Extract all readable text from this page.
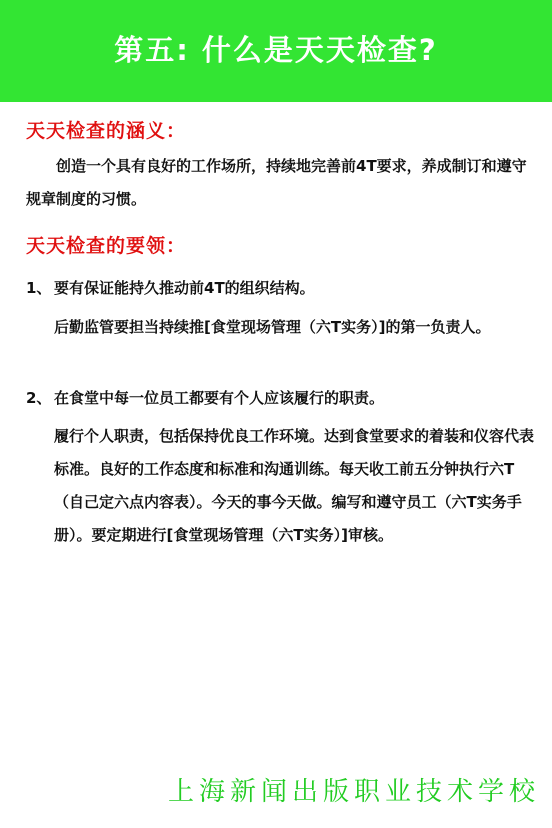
第五: 什么是天天检查?
天天检查的涵义：
创造一个具有良好的工作场所，持续地完善前4T要求，养成制订和遵守规章制度的习惯。
天天检查的要领：
1、 要有保证能持久推动前4T的组织结构。
后勤监管要担当持续推[食堂现场管理（六T实务）]的第一负责人。
2、 在食堂中每一位员工都要有个人应该履行的职责。
履行个人职责，包括保持优良工作环境。达到食堂要求的着装和仪容代表标准。良好的工作态度和标准和沟通训练。每天收工前五分钟执行六T（自己定六点内容表）。今天的事今天做。编写和遵守员工（六T实务手册）。要定期进行[食堂现场管理（六T实务）]审核。
上海新闻出版职业技术学校
